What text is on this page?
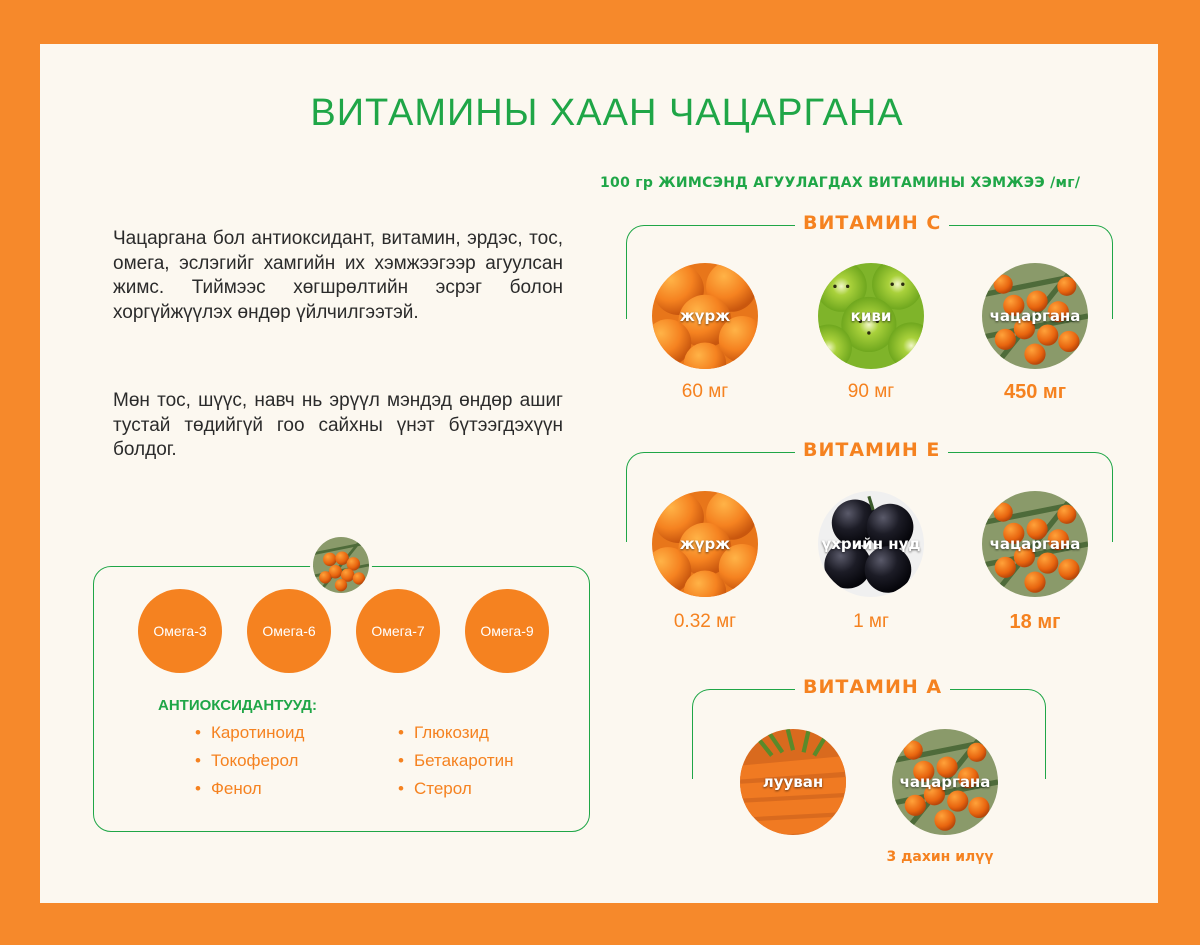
ВИТАМИНЫ ХААН ЧАЦАРГАНА
100 гр ЖИМСЭНД АГУУЛАГДАХ ВИТАМИНЫ ХЭМЖЭЭ /мг/

Чацаргана бол антиоксидант, витамин, эрдэс, тос, омега, эслэгийг хамгийн их хэмжээгээр агуулсан жимс. Тиймээс хөгшрөлтийн эсрэг болон хоргүйжүүлэх өндөр үйлчилгээтэй.

Мөн тос, шүүс, навч нь эрүүл мэндэд өндөр ашиг тустай төдийгүй гоо сайхны үнэт бүтээгдэхүүн болдог.

Омега-3	Омега-6	Омега-7	Омега-9
АНТИОКСИДАНТУУД:
• Каротиноид
• Токоферол
• Фенол
• Глюкозид
• Бетакаротин
• Стерол
ВИТАМИН С
жүрж	киви	чацаргана
60 мг	90 мг	450 мг
ВИТАМИН Е
жүрж	үхрийн нүд	чацаргана
0.32 мг	1 мг	18 мг
ВИТАМИН А
лууван	чацаргана
3 дахин илүү
